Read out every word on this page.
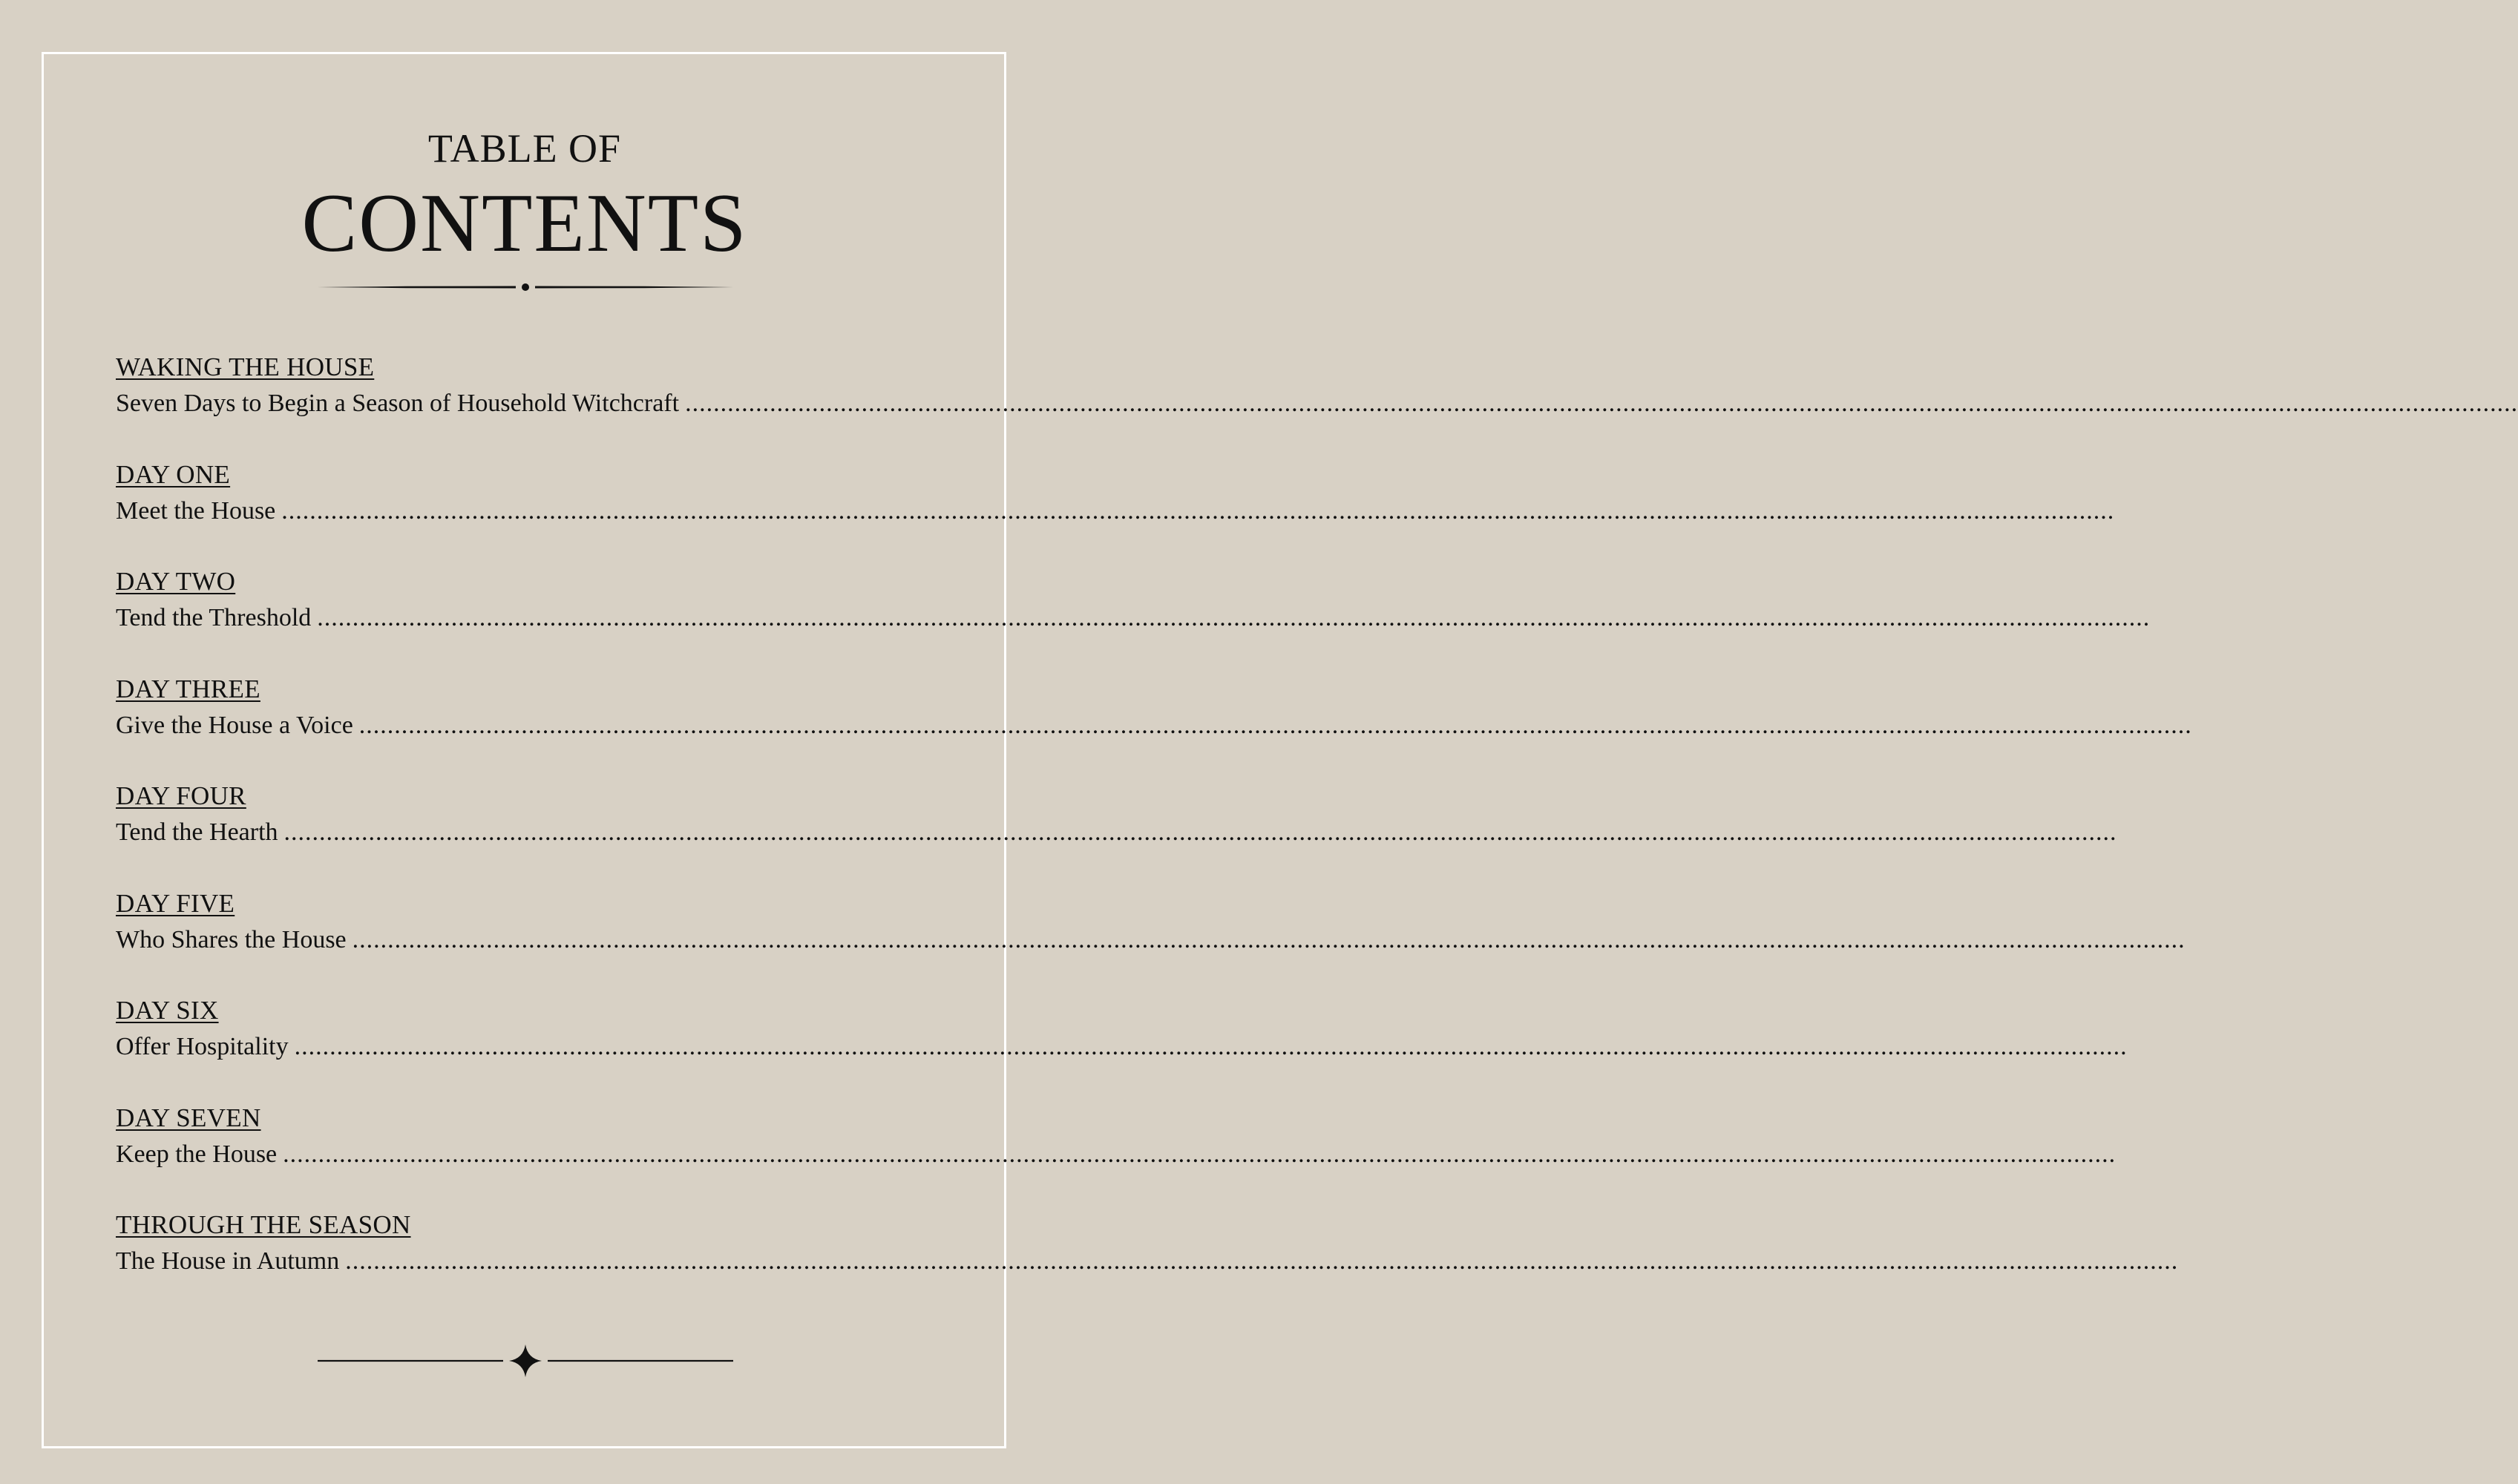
TABLE OF
CONTENTS
WAKING THE HOUSE
Seven Days to Begin a Season of Household Witchcraft ....................................................................................................................................................................................................................................................................
DAY ONE
Meet the House ....................................................................................................................................................................................................................................................................
DAY TWO
Tend the Threshold ....................................................................................................................................................................................................................................................................
DAY THREE
Give the House a Voice ....................................................................................................................................................................................................................................................................
DAY FOUR
Tend the Hearth ....................................................................................................................................................................................................................................................................
DAY FIVE
Who Shares the House ....................................................................................................................................................................................................................................................................
DAY SIX
Offer Hospitality ....................................................................................................................................................................................................................................................................
DAY SEVEN
Keep the House ....................................................................................................................................................................................................................................................................
THROUGH THE SEASON
The House in Autumn ....................................................................................................................................................................................................................................................................
